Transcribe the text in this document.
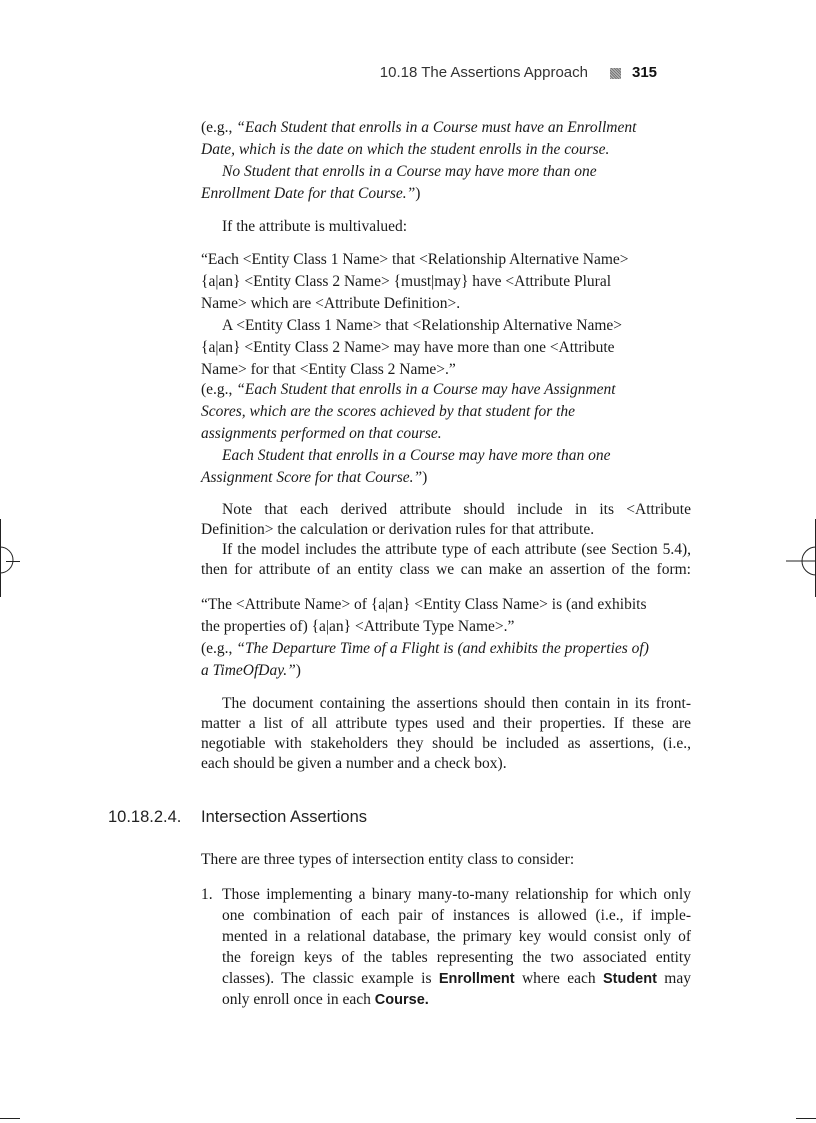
10.18 The Assertions Approach	315
(e.g., “Each Student that enrolls in a Course must have an Enrollment
Date, which is the date on which the student enrolls in the course.
No Student that enrolls in a Course may have more than one
Enrollment Date for that Course.”)
If the attribute is multivalued:
“Each <Entity Class 1 Name> that <Relationship Alternative Name>
{a|an} <Entity Class 2 Name> {must|may} have <Attribute Plural
Name> which are <Attribute Definition>.
A <Entity Class 1 Name> that <Relationship Alternative Name>
{a|an} <Entity Class 2 Name> may have more than one <Attribute
Name> for that <Entity Class 2 Name>.”
(e.g., “Each Student that enrolls in a Course may have Assignment
Scores, which are the scores achieved by that student for the
assignments performed on that course.
Each Student that enrolls in a Course may have more than one
Assignment Score for that Course.”)
Note that each derived attribute should include in its <Attribute
Definition> the calculation or derivation rules for that attribute.
If the model includes the attribute type of each attribute (see Section 5.4),
then for attribute of an entity class we can make an assertion of the form:
“The <Attribute Name> of {a|an} <Entity Class Name> is (and exhibits
the properties of) {a|an} <Attribute Type Name>.”
(e.g., “The Departure Time of a Flight is (and exhibits the properties of)
a TimeOfDay.”)
The document containing the assertions should then contain in its front-
matter a list of all attribute types used and their properties. If these are
negotiable with stakeholders they should be included as assertions, (i.e.,
each should be given a number and a check box).
10.18.2.4. Intersection Assertions
There are three types of intersection entity class to consider:
1. Those implementing a binary many-to-many relationship for which only
one combination of each pair of instances is allowed (i.e., if imple-
mented in a relational database, the primary key would consist only of
the foreign keys of the tables representing the two associated entity
classes). The classic example is Enrollment where each Student may
only enroll once in each Course.
